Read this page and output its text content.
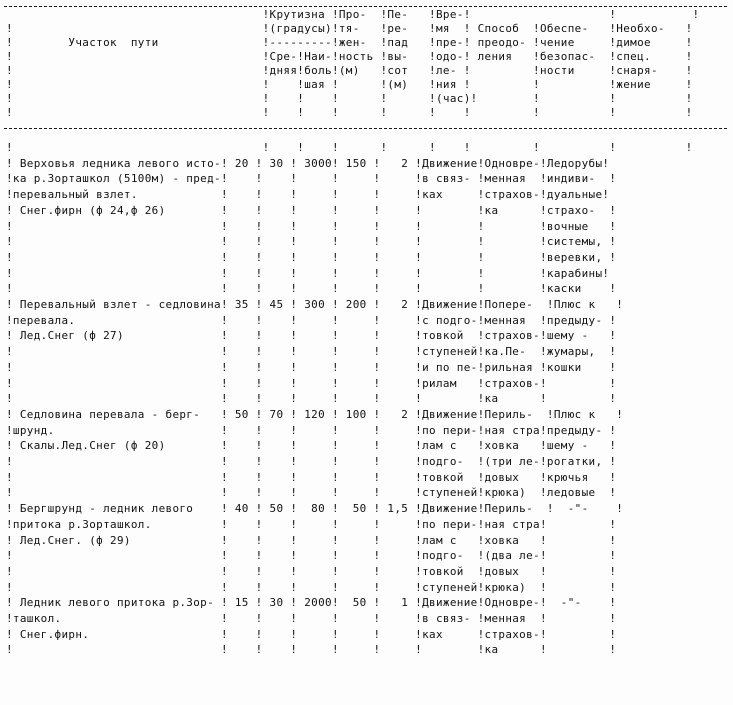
!Крутизна !Про-  !Пе-   !Вре-!                    !           !
!                                    !(градусы)!тя-   !ре-   !мя  ! Способ  !Обеспе-   !Необхо-   !
!        Участок  пути               !---------!жен-  !пад   !пре-! преодо- !чение     !димое     !
!                                    !Сре-!Наи-!ность !вы-   !одо-! ления   !безопас-  !спец.     !
!                                    !дняя!боль!(м)   !сот   !ле- !         !ности     !снаря-    !
!                                    !    !шая !      !(м)   !ния !         !          !жение     !
!                                    !    !    !      !      !(час)!        !          !          !
!                                    !    !    !      !      !    !         !          !          !
!                                    !    !    !      !      !    !         !          !          !
! Верховья ледника левого исто-! 20 ! 30 ! 3000! 150 !   2 !Движение!Одновре-!Ледорубы!
!ка р.Зорташкол (5100м) - пред-!    !    !     !     !     !в связ- !менная  !индиви-  !
!перевальный взлет.            !    !    !     !     !     !ках     !страхов-!дуальные!
! Снег.фирн (ф 24,ф 26)        !    !    !     !     !     !        !ка      !страхо-  !
!                              !    !    !     !     !     !        !        !вочные   !
!                              !    !    !     !     !     !        !        !системы, !
!                              !    !    !     !     !     !        !        !веревки, !
!                              !    !    !     !     !     !        !        !карабины!
!                              !    !    !     !     !     !        !        !каски    !
! Перевальный взлет - седловина! 35 ! 45 ! 300 ! 200 !   2 !Движение!Попере-  !Плюс к   !
!перевала.                     !    !    !     !     !     !с подго-!менная  !предыду- !
! Лед.Снег (ф 27)              !    !    !     !     !     !товкой  !страхов-!шему -   !
!                              !    !    !     !     !     !ступеней!ка.Пе-  !жумары,  !
!                              !    !    !     !     !     !и по пе-!рильная !кошки    !
!                              !    !    !     !     !     !рилам   !страхов-!         !
!                              !    !    !     !     !     !        !ка      !         !
! Седловина перевала - берг-   ! 50 ! 70 ! 120 ! 100 !   2 !Движение!Периль-  !Плюс к   !
!шрунд.                        !    !    !     !     !     !по пери-!ная стра!предыду- !
! Скалы.Лед.Снег (ф 20)        !    !    !     !     !     !лам с   !ховка   !шему -   !
!                              !    !    !     !     !     !подго-  !(три ле-!рогатки, !
!                              !    !    !     !     !     !товкой  !довых   !крючья   !
!                              !    !    !     !     !     !ступеней!крюка)  !ледовые  !
! Бергшрунд - ледник левого    ! 40 ! 50 !  80 !  50 ! 1,5 !Движение!Периль-  !  -"-    !
!притока р.Зорташкол.          !    !    !     !     !     !по пери-!ная стра!         !
! Лед.Снег. (ф 29)             !    !    !     !     !     !лам с   !ховка   !         !
!                              !    !    !     !     !     !подго-  !(два ле-!         !
!                              !    !    !     !     !     !товкой  !довых   !         !
!                              !    !    !     !     !     !ступеней!крюка)  !         !
! Ледник левого притока р.Зор- ! 15 ! 30 ! 2000!  50 !   1 !Движение!Одновре-!  -"-    !
!ташкол.                       !    !    !     !     !     !в связ- !менная  !         !
! Снег.фирн.                   !    !    !     !     !     !ках     !страхов-!         !
!                              !    !    !     !     !     !        !ка      !         !
